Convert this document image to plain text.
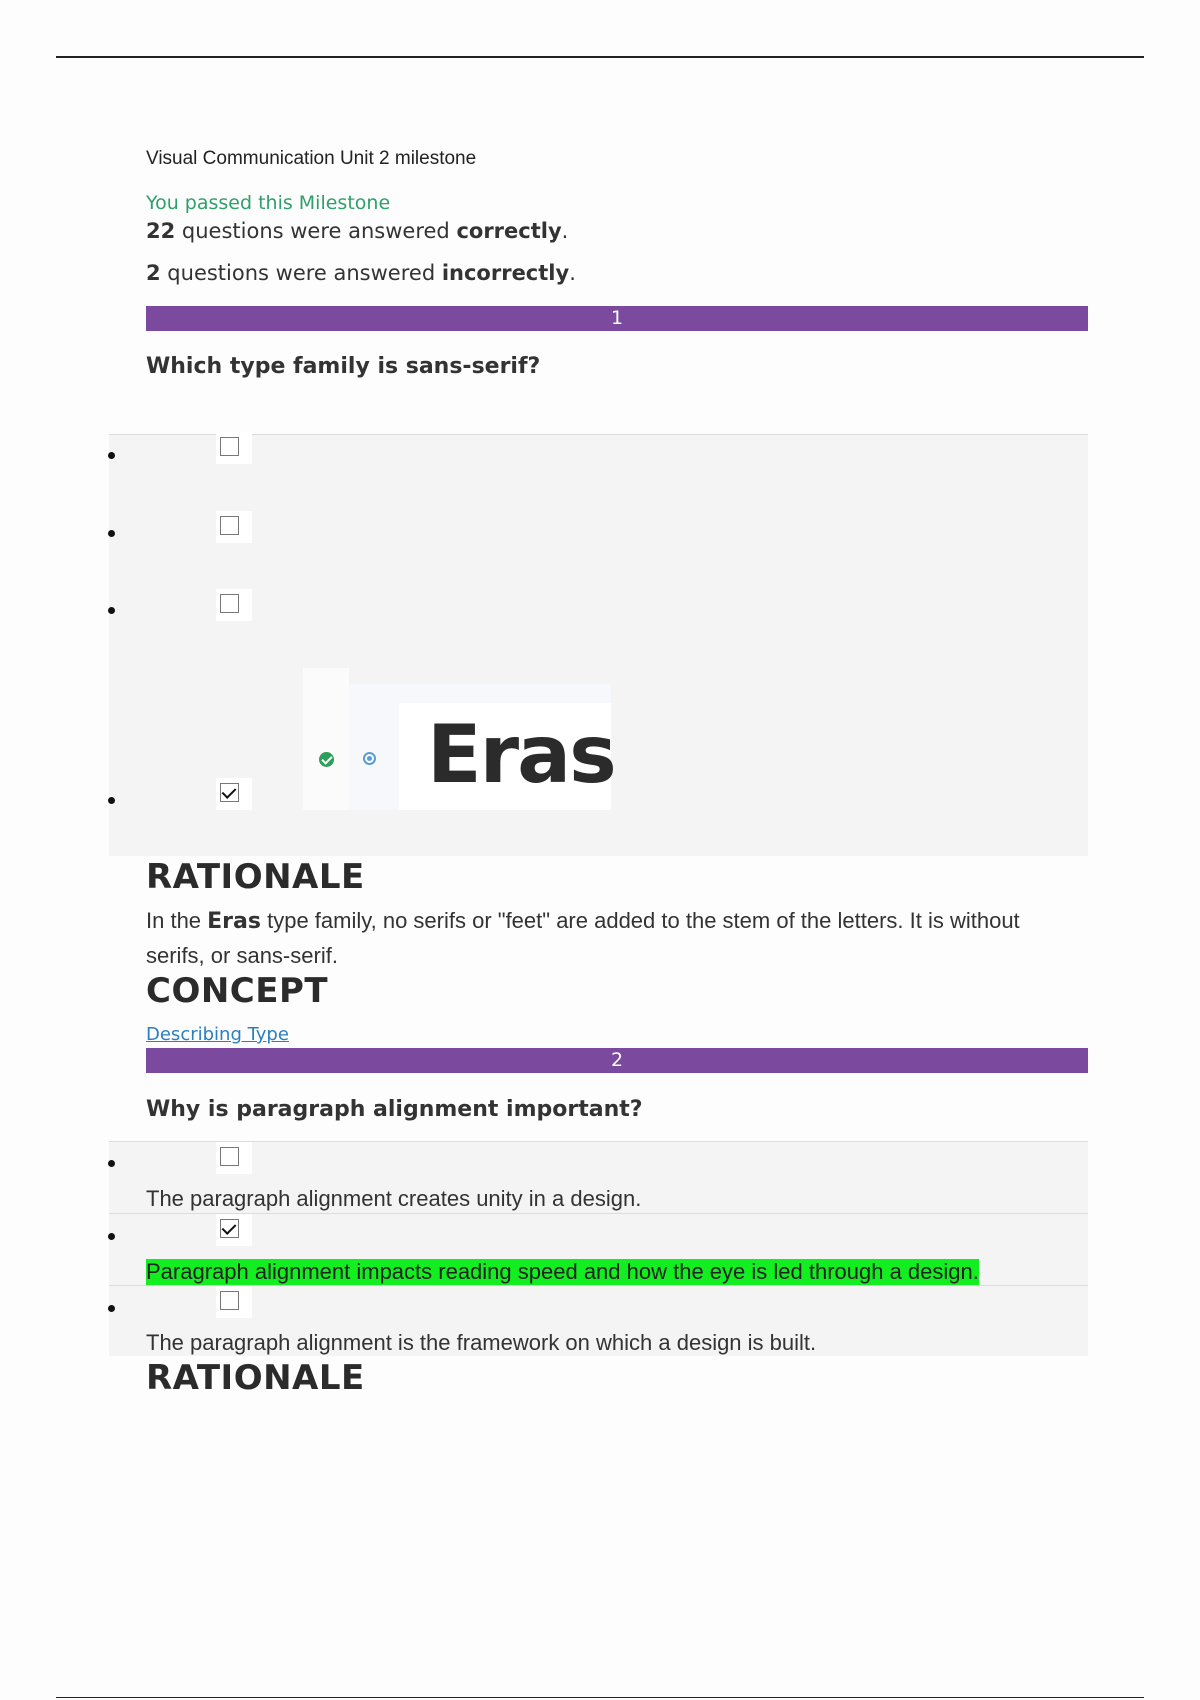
Visual Communication Unit 2 milestone
You passed this Milestone
22 questions were answered correctly.
2 questions were answered incorrectly.
1
Which type family is sans-serif?
Eras
RATIONALE
In the Eras type family, no serifs or "feet" are added to the stem of the letters. It is without serifs, or sans-serif.
CONCEPT
Describing Type
2
Why is paragraph alignment important?
The paragraph alignment creates unity in a design.
Paragraph alignment impacts reading speed and how the eye is led through a design.
The paragraph alignment is the framework on which a design is built.
RATIONALE
